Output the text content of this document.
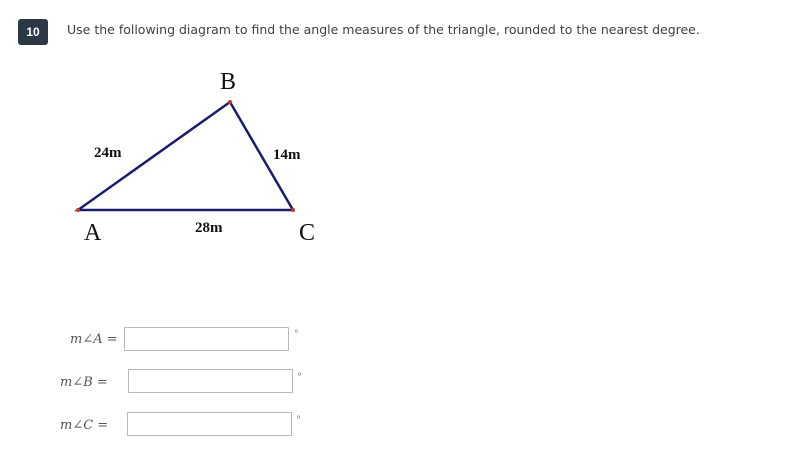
10	Use the following diagram to find the angle measures of the triangle, rounded to the nearest degree.
B
A	C
24m	14m
28m
m∠A =	°
m∠B =	°
m∠C =	°
